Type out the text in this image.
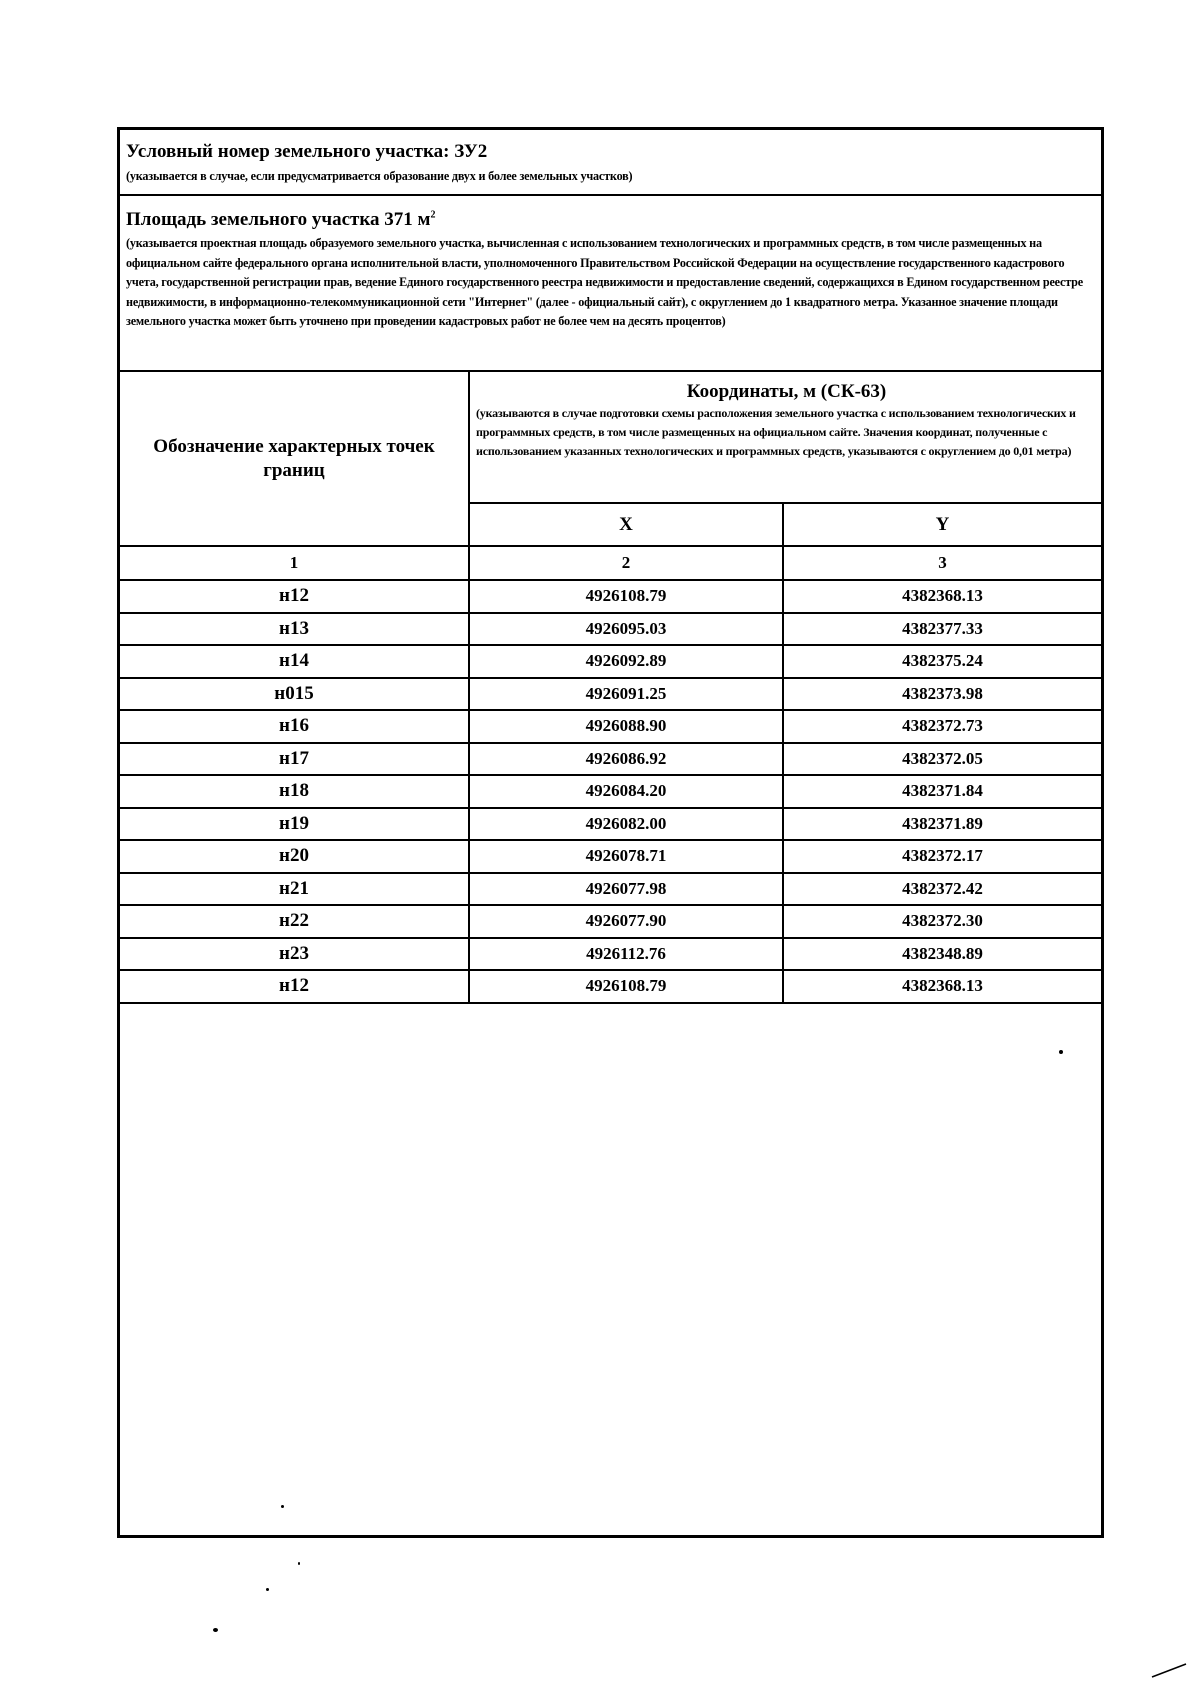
Условный номер земельного участка: ЗУ2
(указывается в случае, если предусматривается образование двух и более земельных участков)
Площадь земельного участка 371 $м^2$
(указывается проектная площадь образуемого земельного участка, вычисленная с использованием технологических и программных средств, в том числе размещенных на официальном сайте федерального органа исполнительной власти, уполномоченного Правительством Российской Федерации на осуществление государственного кадастрового учета, государственной регистрации прав, ведение Единого государственного реестра недвижимости и предоставление сведений, содержащихся в Едином государственном реестре недвижимости, в информационно-телекоммуникационной сети "Интернет" (далее - официальный сайт), с округлением до 1 квадратного метра. Указанное значение площади земельного участка может быть уточнено при проведении кадастровых работ не более чем на десять процентов)
Обозначение характерных точек границ	Координаты, м (СК-63)
(указываются в случае подготовки схемы расположения земельного участка с использованием технологических и программных средств, в том числе размещенных на официальном сайте. Значения координат, полученные с использованием указанных технологических и программных средств, указываются с округлением до 0,01 метра)	

	X	Y
1	2	3
н12	4926108.79	4382368.13
н13	4926095.03	4382377.33
н14	4926092.89	4382375.24
н015	4926091.25	4382373.98
н16	4926088.90	4382372.73
н17	4926086.92	4382372.05
н18	4926084.20	4382371.84
н19	4926082.00	4382371.89
н20	4926078.71	4382372.17
н21	4926077.98	4382372.42
н22	4926077.90	4382372.30
н23	4926112.76	4382348.89
н12	4926108.79	4382368.13
